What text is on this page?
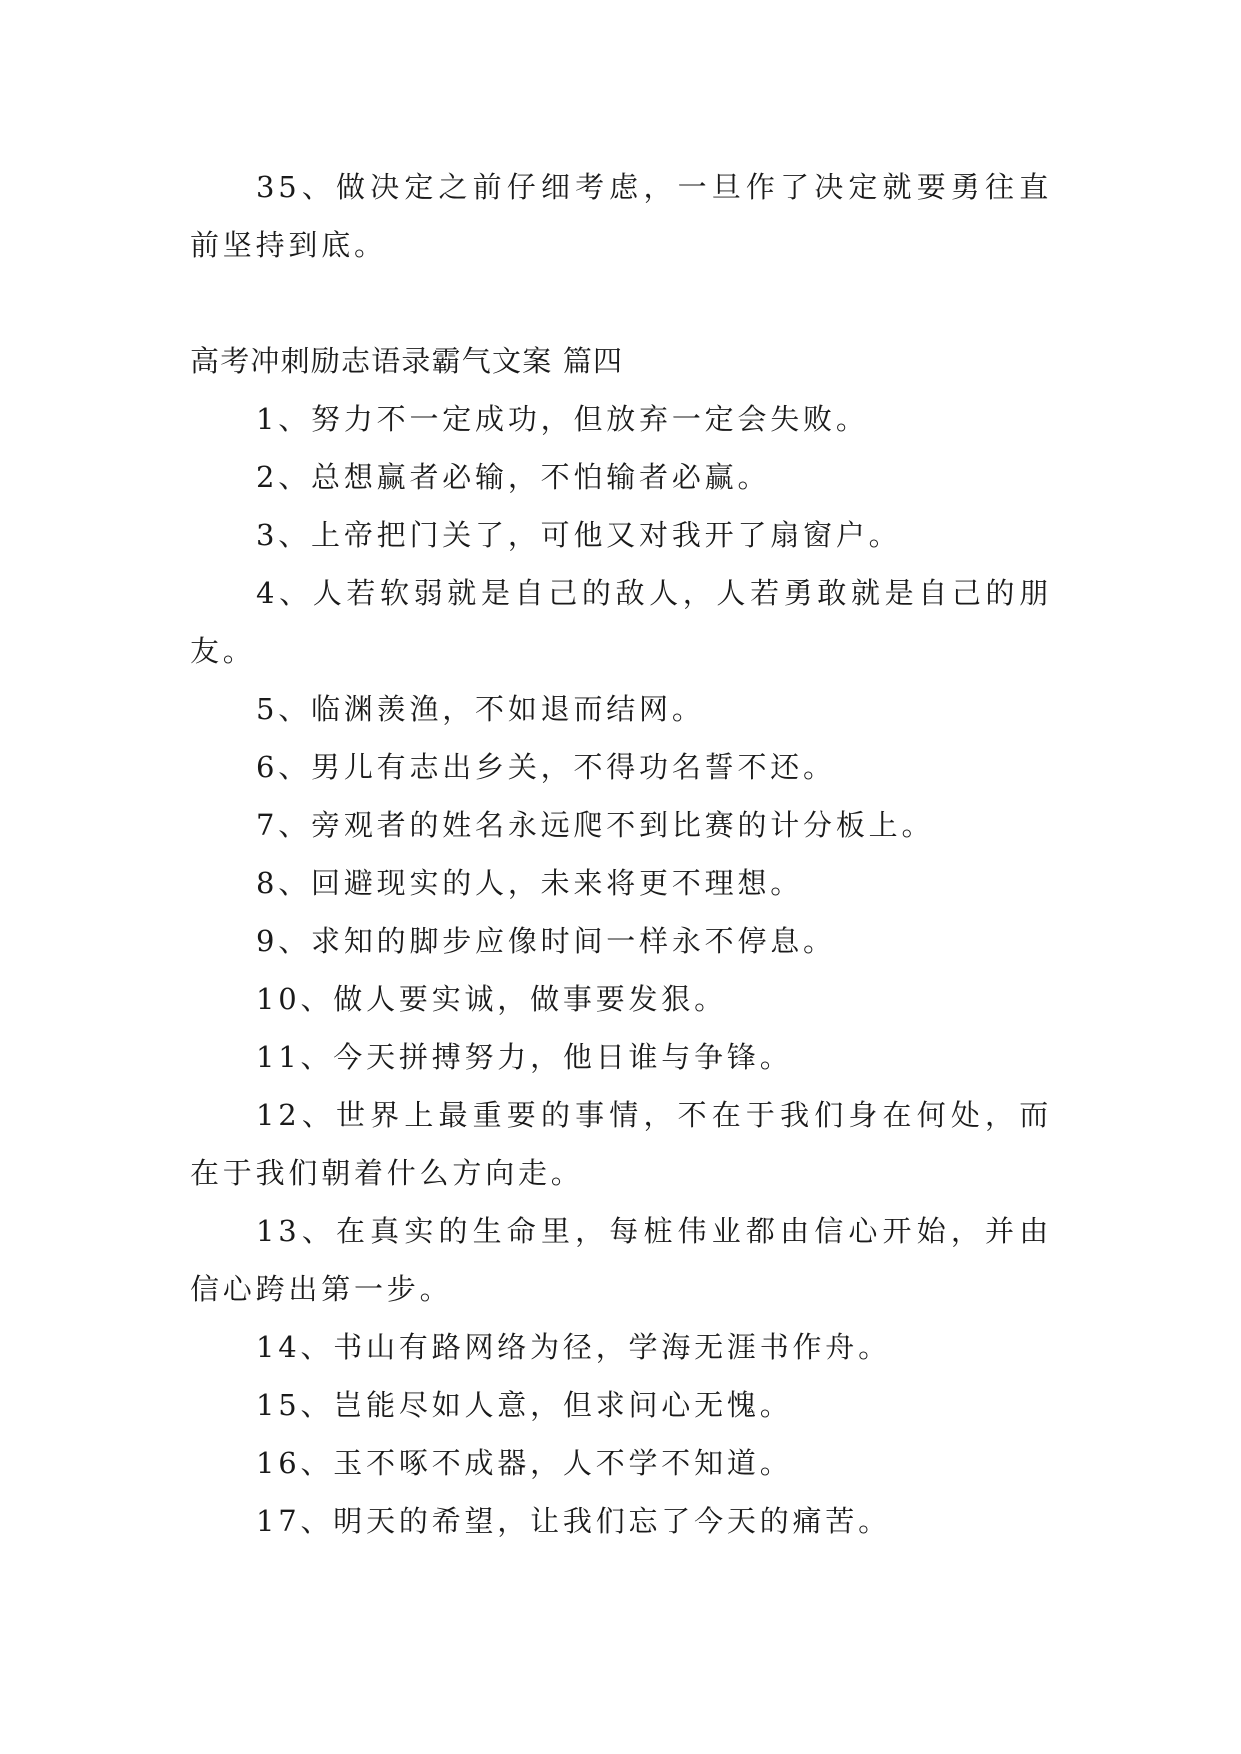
35、做决定之前仔细考虑，一旦作了决定就要勇往直前坚持到底。

高考冲刺励志语录霸气文案 篇四

1、努力不一定成功，但放弃一定会失败。

2、总想赢者必输，不怕输者必赢。

3、上帝把门关了，可他又对我开了扇窗户。

4、人若软弱就是自己的敌人，人若勇敢就是自己的朋友。

5、临渊羡渔，不如退而结网。

6、男儿有志出乡关，不得功名誓不还。

7、旁观者的姓名永远爬不到比赛的计分板上。

8、回避现实的人，未来将更不理想。

9、求知的脚步应像时间一样永不停息。

10、做人要实诚，做事要发狠。

11、今天拼搏努力，他日谁与争锋。

12、世界上最重要的事情，不在于我们身在何处，而在于我们朝着什么方向走。

13、在真实的生命里，每桩伟业都由信心开始，并由信心跨出第一步。

14、书山有路网络为径，学海无涯书作舟。

15、岂能尽如人意，但求问心无愧。

16、玉不啄不成器，人不学不知道。

17、明天的希望，让我们忘了今天的痛苦。
